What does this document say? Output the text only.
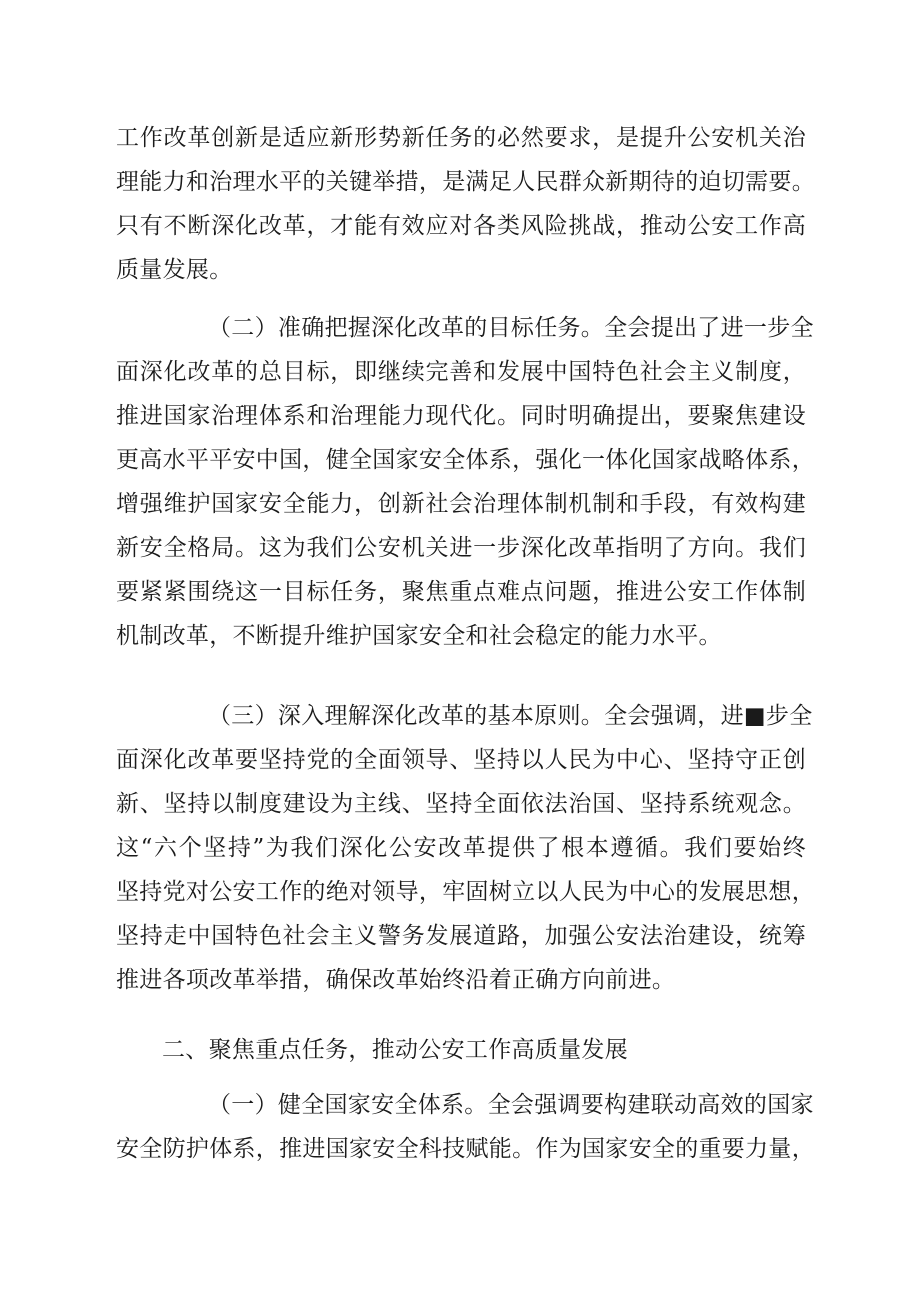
工作改革创新是适应新形势新任务的必然要求，是提升公安机关治
理能力和治理水平的关键举措，是满足人民群众新期待的迫切需要。
只有不断深化改革，才能有效应对各类风险挑战，推动公安工作高
质量发展。
（二）准确把握深化改革的目标任务。全会提出了进一步全
面深化改革的总目标，即继续完善和发展中国特色社会主义制度，
推进国家治理体系和治理能力现代化。同时明确提出，要聚焦建设
更高水平平安中国，健全国家安全体系，强化一体化国家战略体系，
增强维护国家安全能力，创新社会治理体制机制和手段，有效构建
新安全格局。这为我们公安机关进一步深化改革指明了方向。我们
要紧紧围绕这一目标任务，聚焦重点难点问题，推进公安工作体制
机制改革，不断提升维护国家安全和社会稳定的能力水平。
（三）深入理解深化改革的基本原则。全会强调，进■步全
面深化改革要坚持党的全面领导、坚持以人民为中心、坚持守正创
新、坚持以制度建设为主线、坚持全面依法治国、坚持系统观念。
这“六个坚持”为我们深化公安改革提供了根本遵循。我们要始终
坚持党对公安工作的绝对领导，牢固树立以人民为中心的发展思想，
坚持走中国特色社会主义警务发展道路，加强公安法治建设，统筹
推进各项改革举措，确保改革始终沿着正确方向前进。
二、聚焦重点任务，推动公安工作高质量发展
（一）健全国家安全体系。全会强调要构建联动高效的国家
安全防护体系，推进国家安全科技赋能。作为国家安全的重要力量，
